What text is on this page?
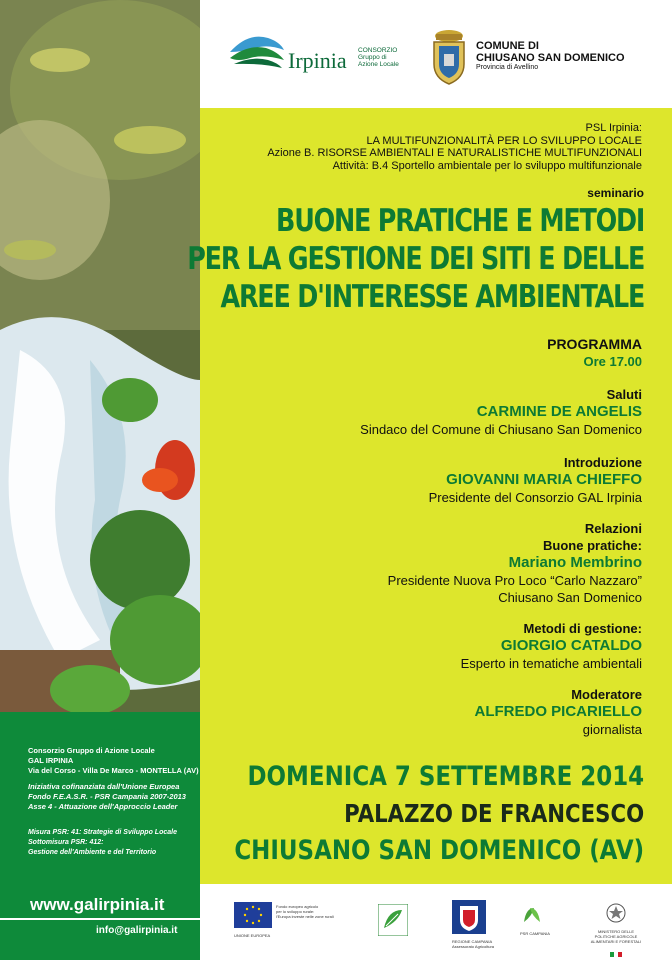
Consorzio Gruppo di Azione Locale
GAL IRPINIA
Via del Corso - Villa De Marco - MONTELLA (AV)
Iniziativa cofinanziata dall'Unione Europea
Fondo F.E.A.S.R. - PSR Campania 2007-2013
Asse 4 - Attuazione dell'Approccio Leader
Misura PSR: 41: Strategie di Sviluppo Locale
Sottomisura PSR: 412:
Gestione dell'Ambiente e del Territorio
www.galirpinia.it
info@galirpinia.it
Irpinia CONSORZIO
Gruppo di
Azione Locale
COMUNE DI
CHIUSANO SAN DOMENICO
Provincia di Avellino
PSL Irpinia:
LA MULTIFUNZIONALITÀ PER LO SVILUPPO LOCALE
Azione B. RISORSE AMBIENTALI E NATURALISTICHE MULTIFUNZIONALI
Attività: B.4 Sportello ambientale per lo sviluppo multifunzionale
seminario
BUONE PRATICHE E METODI
PER LA GESTIONE DEI SITI E DELLE
AREE D'INTERESSE AMBIENTALE
PROGRAMMA
Ore 17.00
Saluti
CARMINE DE ANGELIS
Sindaco del Comune di Chiusano San Domenico
Introduzione
GIOVANNI MARIA CHIEFFO
Presidente del Consorzio GAL Irpinia
Relazioni
Buone pratiche:
Mariano Membrino
Presidente Nuova Pro Loco “Carlo Nazzaro”
Chiusano San Domenico
Metodi di gestione:
GIORGIO CATALDO
Esperto in tematiche ambientali
Moderatore
ALFREDO PICARIELLO
giornalista
DOMENICA 7 SETTEMBRE 2014
PALAZZO DE FRANCESCO
CHIUSANO SAN DOMENICO (AV)
UNIONE EUROPEA
Fondo europeo agricolo
per lo sviluppo rurale:
l'Europa investe nelle zone rurali
REGIONE CAMPANIA
Assessorato Agricoltura
PSR CAMPANIA	MINISTERO DELLE POLITICHE AGRICOLE ALIMENTARI E FORESTALI
